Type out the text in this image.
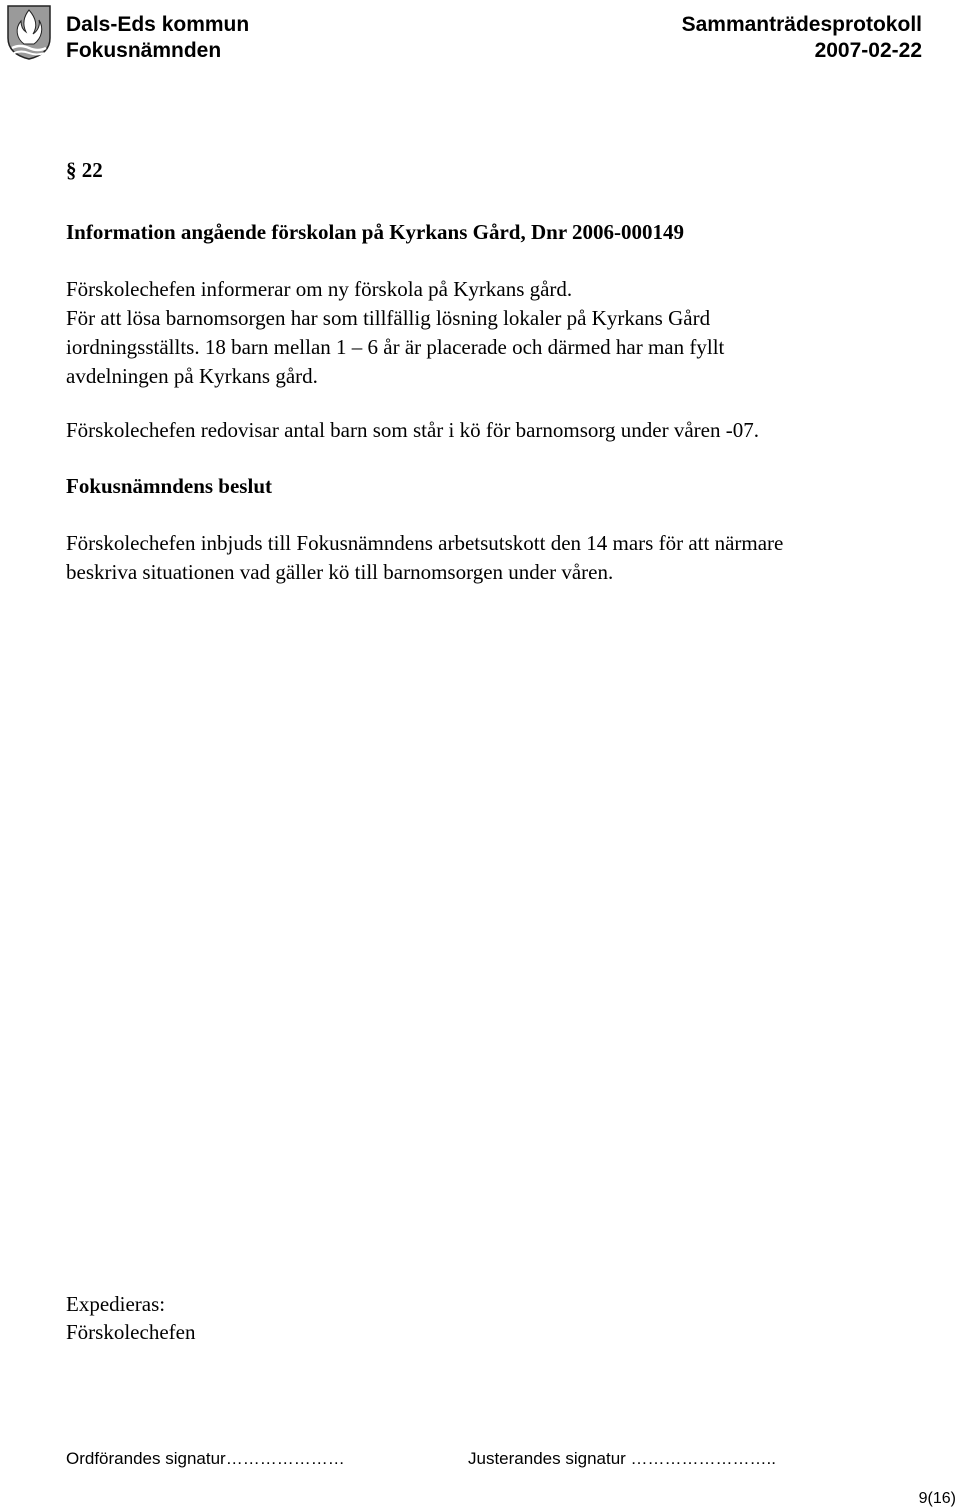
Dals-Eds kommun
Fokusnämnden
Sammanträdesprotokoll
2007-02-22
§ 22
Information angående förskolan på Kyrkans Gård, Dnr 2006-000149
Förskolechefen informerar om ny förskola på Kyrkans gård.
För att lösa barnomsorgen har som tillfällig lösning lokaler på Kyrkans Gård
iordningsställts. 18 barn mellan 1 – 6 år är placerade och därmed har man fyllt
avdelningen på Kyrkans gård.
Förskolechefen redovisar antal barn som står i kö för barnomsorg under våren -07.
Fokusnämndens beslut
Förskolechefen inbjuds till Fokusnämndens arbetsutskott den 14 mars för att närmare
beskriva situationen vad gäller kö till barnomsorgen under våren.
Expedieras:
Förskolechefen
Ordförandes signatur…………………	Justerandes signatur ……………………..
9(16)
